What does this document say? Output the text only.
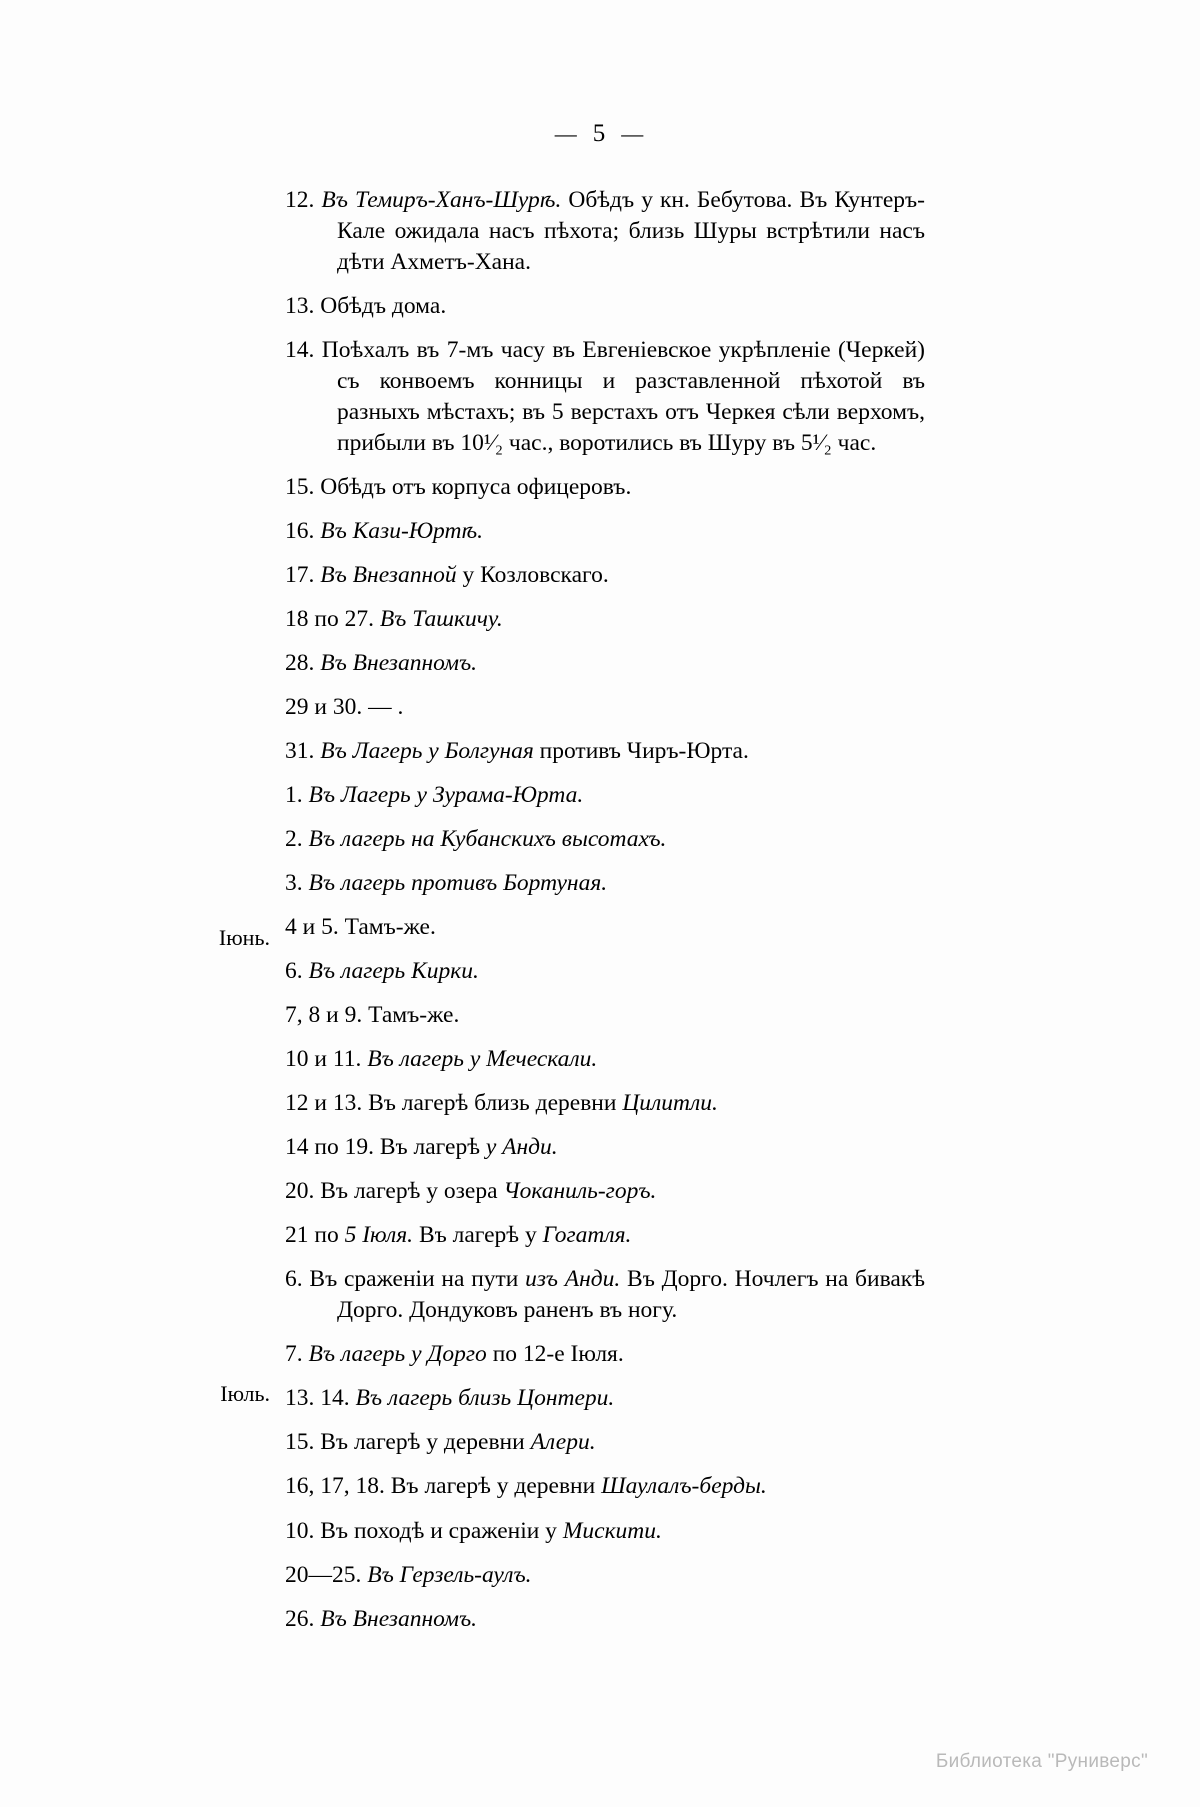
— 5 —
Iюнь.
Iюль.
12. Въ Темиръ-Ханъ-Шурѣ. Обѣдъ у кн. Бебутова. Въ Кунтеръ-Кале ожидала насъ пѣхота; близь Шуры встрѣтили насъ дѣти Ахметъ-Хана.
13. Обѣдъ дома.
14. Поѣхалъ въ 7-мъ часу въ Евгеніевское укрѣпленіе (Черкей) съ конвоемъ конницы и разставленной пѣхотой въ разныхъ мѣстахъ; въ 5 верстахъ отъ Черкея сѣли верхомъ, прибыли въ 10¹⁄₂ час., воротились въ Шуру въ 5¹⁄₂ час.
15. Обѣдъ отъ корпуса офицеровъ.
16. Въ Кази-Юртѣ.
17. Въ Внезапной у Козловскаго.
18 по 27. Въ Ташкичу.
28. Въ Внезапномъ.
29 и 30. — .
31. Въ Лагерь у Болгуная противъ Чиръ-Юрта.
1. Въ Лагерь у Зурама-Юрта.
2. Въ лагерь на Кубанскихъ высотахъ.
3. Въ лагерь противъ Бортуная.
4 и 5. Тамъ-же.
6. Въ лагерь Кирки.
7, 8 и 9. Тамъ-же.
10 и 11. Въ лагерь у Меческали.
12 и 13. Въ лагерѣ близь деревни Цилитли.
14 по 19. Въ лагерѣ у Анди.
20. Въ лагерѣ у озера Чоканиль-горъ.
21 по 5 Iюля. Въ лагерѣ у Гогатля.
6. Въ сраженіи на пути изъ Анди. Въ Дорго. Ночлегъ на бивакѣ Дорго. Дондуковъ раненъ въ ногу.
7. Въ лагерь у Дорго по 12-е Iюля.
13. 14. Въ лагерь близь Цонтери.
15. Въ лагерѣ у деревни Алери.
16, 17, 18. Въ лагерѣ у деревни Шаулалъ-берды.
10. Въ походѣ и сраженіи у Мискити.
20—25. Въ Герзель-аулъ.
26. Въ Внезапномъ.
Библиотека "Руниверс"
